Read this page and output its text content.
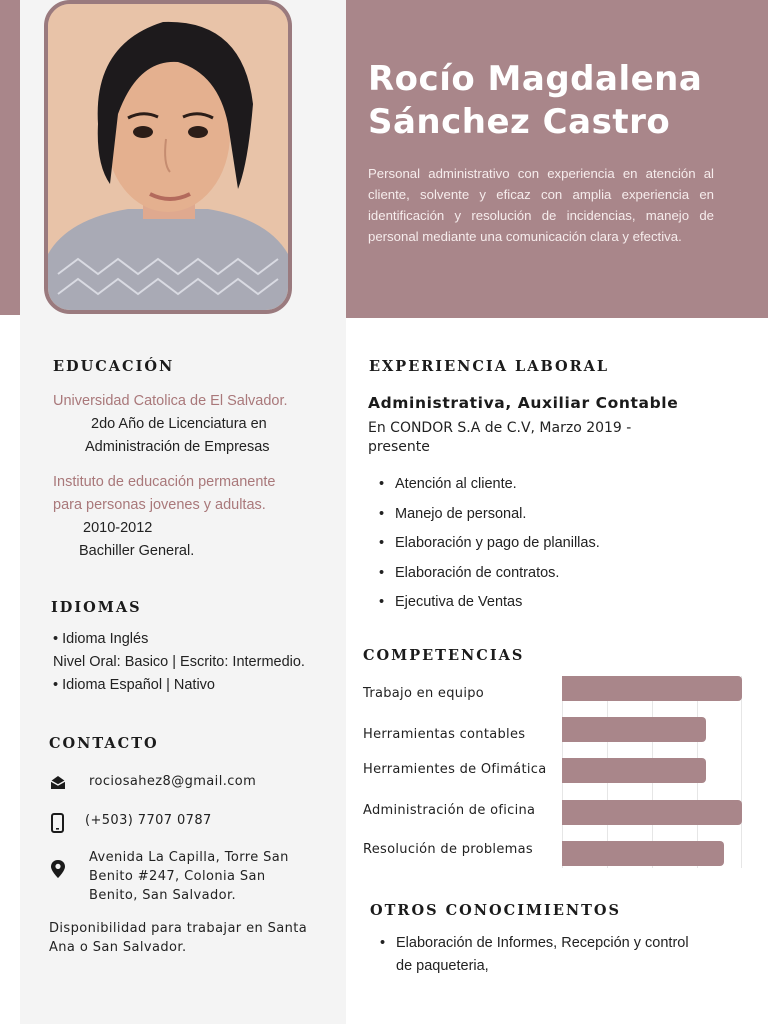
Rocío Magdalena
Sánchez Castro
Personal administrativo con experiencia en atención al cliente, solvente y eficaz con amplia experiencia en identificación y resolución de incidencias, manejo de personal mediante una comunicación clara y efectiva.
EDUCACIÓN
Universidad Catolica de El Salvador.
2do Año de Licenciatura en
Administración de Empresas
Instituto de educación permanente
para personas jovenes y adultas.
2010-2012
Bachiller General.
IDIOMAS
• Idioma Inglés
Nivel Oral: Basico | Escrito: Intermedio.
• Idioma Español | Nativo
CONTACTO
rociosahez8@gmail.com
(+503) 7707 0787
Avenida La Capilla, Torre San
Benito #247, Colonia San
Benito, San Salvador.
Disponibilidad para trabajar en Santa
Ana o San Salvador.
EXPERIENCIA LABORAL
Administrativa, Auxiliar Contable
En CONDOR S.A de C.V, Marzo 2019 -
presente
• Atención al cliente.
• Manejo de personal.
• Elaboración y pago de planillas.
• Elaboración de contratos.
• Ejecutiva de Ventas
COMPETENCIAS
Trabajo en equipo
Herramientas contables
Herramientes de Ofimática
Administración de oficina
Resolución de problemas
OTROS CONOCIMIENTOS
• Elaboración de Informes, Recepción y control
de paqueteria,
